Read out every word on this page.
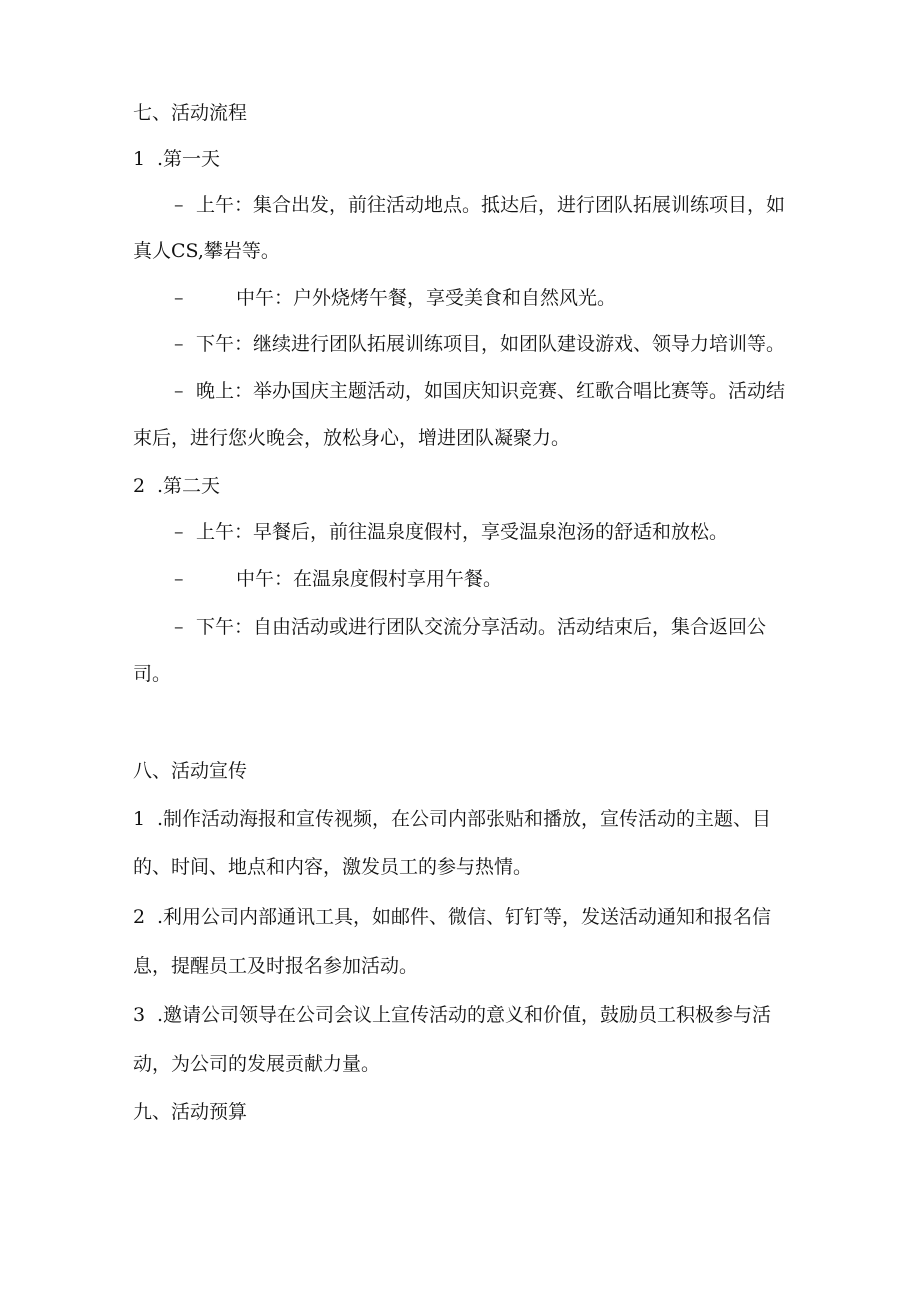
七、活动流程
1 .第一天
– 上午：集合出发，前往活动地点。抵达后，进行团队拓展训练项目，如
真人CS,攀岩等。
–	中午：户外烧烤午餐，享受美食和自然风光。
– 下午：继续进行团队拓展训练项目，如团队建设游戏、领导力培训等。
– 晚上：举办国庆主题活动，如国庆知识竞赛、红歌合唱比赛等。活动结
束后，进行您火晚会，放松身心，增进团队凝聚力。
2 .第二天
– 上午：早餐后，前往温泉度假村，享受温泉泡汤的舒适和放松。
–	中午：在温泉度假村享用午餐。
– 下午：自由活动或进行团队交流分享活动。活动结束后，集合返回公
司。
八、活动宣传
1 .制作活动海报和宣传视频，在公司内部张贴和播放，宣传活动的主题、目
的、时间、地点和内容，激发员工的参与热情。
2 .利用公司内部通讯工具，如邮件、微信、钉钉等，发送活动通知和报名信
息，提醒员工及时报名参加活动。
3 .邀请公司领导在公司会议上宣传活动的意义和价值，鼓励员工积极参与活
动，为公司的发展贡献力量。
九、活动预算
